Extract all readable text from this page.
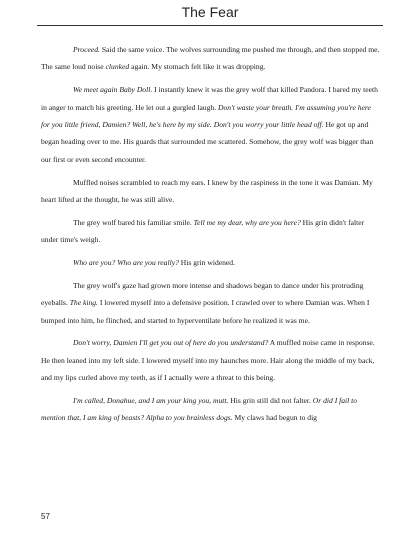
The Fear

Proceed. Said the same voice. The wolves surrounding me pushed me through, and then stopped me. The same loud noise clunked again. My stomach felt like it was dropping.

We meet again Baby Doll. I instantly knew it was the grey wolf that killed Pandora. I bared my teeth in anger to match his greeting. He let out a gurgled laugh. Don't waste your breath. I'm assuming you're here for you little friend, Damien? Well, he's here by my side. Don't you worry your little head off. He got up and began heading over to me. His guards that surrounded me scattered. Somehow, the grey wolf was bigger than our first or even second encounter.

Muffled noises scrambled to reach my ears. I knew by the raspiness in the tone it was Damian. My heart lifted at the thought, he was still alive.

The grey wolf bared his familiar smile. Tell me my dear, why are you here? His grin didn't falter under time's weigh.

Who are you? Who are you really? His grin widened.

The grey wolf's gaze had grown more intense and shadows began to dance under his protruding eyeballs. The king. I lowered myself into a defensive position. I crawled over to where Damian was. When I bumped into him, he flinched, and started to hyperventilate before he realized it was me.

Don't worry, Damien I'll get you out of here do you understand? A muffled noise came in response. He then leaned into my left side. I lowered myself into my haunches more. Hair along the middle of my back, and my lips curled above my teeth, as if I actually were a threat to this being.

I'm called, Donahue, and I am your king you, mutt. His grin still did not falter. Or did I fail to mention that, I am king of beasts? Alpha to you brainless dogs. My claws had begun to dig

57
